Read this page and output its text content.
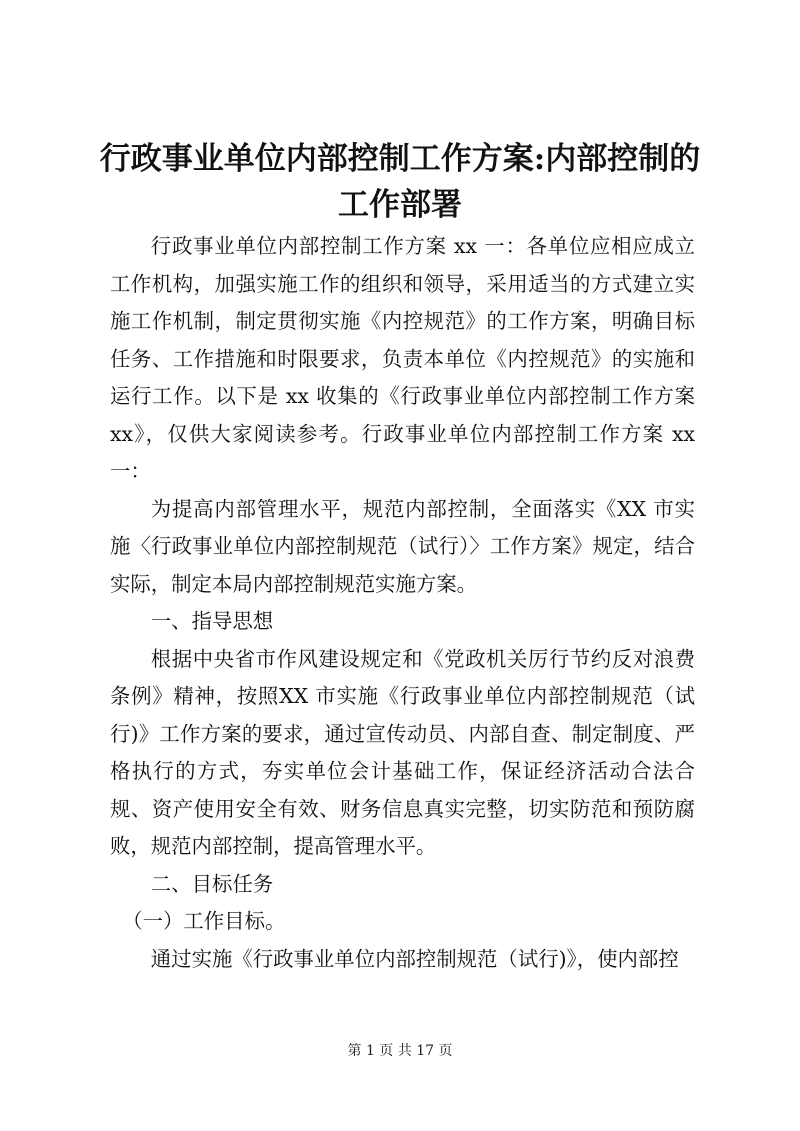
行政事业单位内部控制工作方案:内部控制的工作部署

行政事业单位内部控制工作方案 xx 一：各单位应相应成立工作机构，加强实施工作的组织和领导，采用适当的方式建立实施工作机制，制定贯彻实施《内控规范》的工作方案，明确目标任务、工作措施和时限要求，负责本单位《内控规范》的实施和运行工作。以下是 xx 收集的《行政事业单位内部控制工作方案 xx》，仅供大家阅读参考。行政事业单位内部控制工作方案 xx 一：

为提高内部管理水平，规范内部控制，全面落实《XX 市实施〈行政事业单位内部控制规范（试行）〉工作方案》规定，结合实际，制定本局内部控制规范实施方案。

一、指导思想

根据中央省市作风建设规定和《党政机关厉行节约反对浪费条例》精神，按照XX 市实施《行政事业单位内部控制规范（试行)》工作方案的要求，通过宣传动员、内部自查、制定制度、严格执行的方式，夯实单位会计基础工作，保证经济活动合法合规、资产使用安全有效、财务信息真实完整，切实防范和预防腐败，规范内部控制，提高管理水平。

二、目标任务

（一）工作目标。

通过实施《行政事业单位内部控制规范（试行)》，使内部控

第 1 页 共 17 页
